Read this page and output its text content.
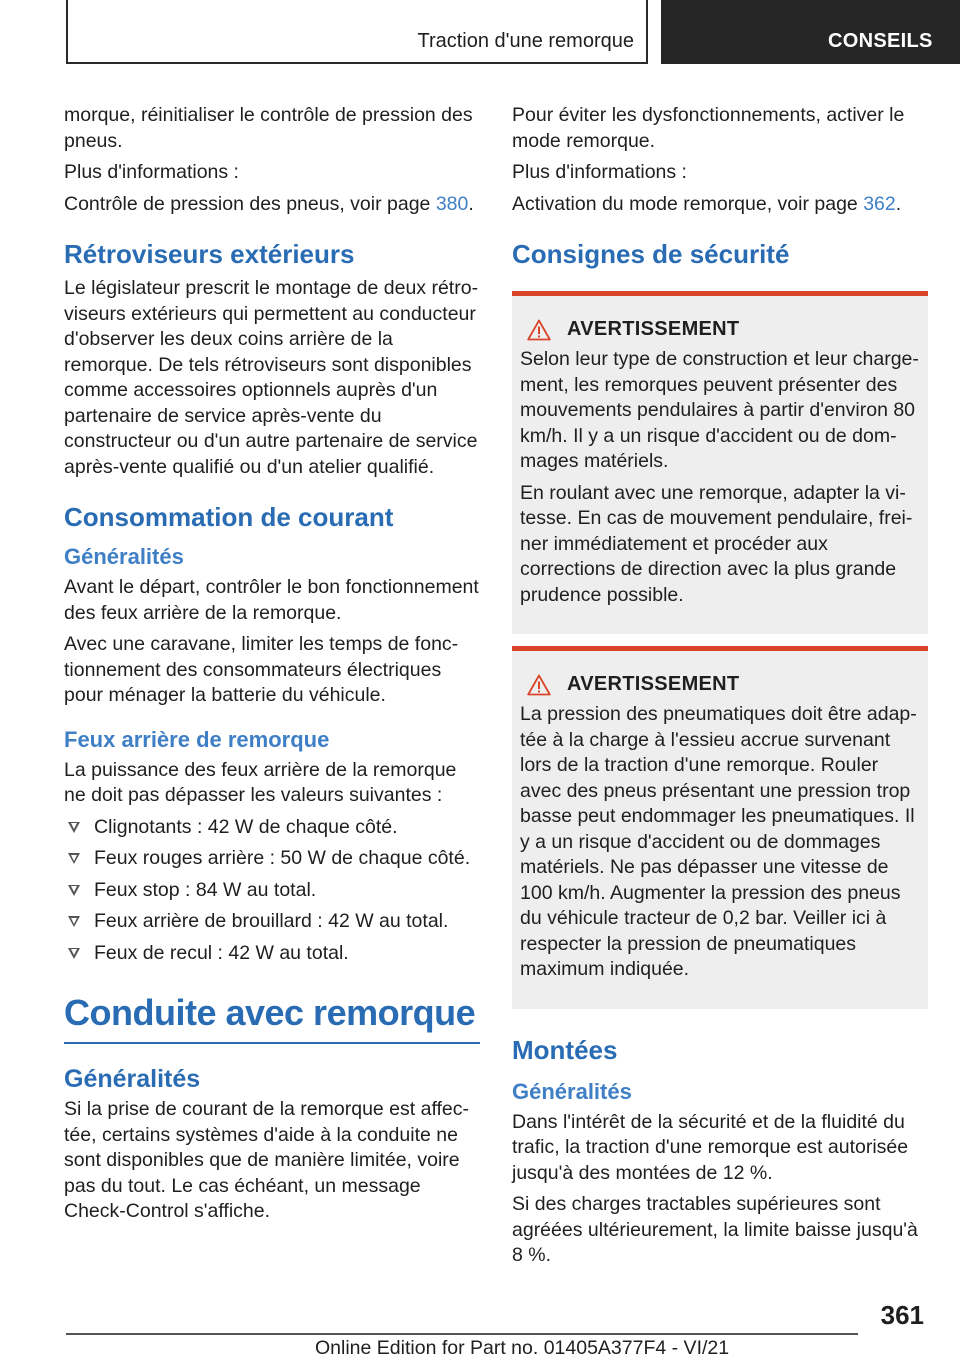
Traction d'une remorque	CONSEILS

morque, réinitialiser le contrôle de pression des pneus.

Plus d'informations :

Contrôle de pression des pneus, voir page 380.

Rétroviseurs extérieurs

Le législateur prescrit le montage de deux rétroviseurs extérieurs qui permettent au conducteur d'observer les deux coins arrière de la remorque. De tels rétroviseurs sont disponibles comme accessoires optionnels auprès d'un partenaire de service après-vente du constructeur ou d'un autre partenaire de service après-vente qualifié ou d'un atelier qualifié.

Consommation de courant
Généralités

Avant le départ, contrôler le bon fonctionnement des feux arrière de la remorque.

Avec une caravane, limiter les temps de fonctionnement des consommateurs électriques pour ménager la batterie du véhicule.

Feux arrière de remorque

La puissance des feux arrière de la remorque ne doit pas dépasser les valeurs suivantes :

Clignotants : 42 W de chaque côté.
Feux rouges arrière : 50 W de chaque côté.
Feux stop : 84 W au total.
Feux arrière de brouillard : 42 W au total.
Feux de recul : 42 W au total.
Conduite avec remorque
Généralités

Si la prise de courant de la remorque est affectée, certains systèmes d'aide à la conduite ne sont disponibles que de manière limitée, voire pas du tout. Le cas échéant, un message Check-Control s'affiche.

Pour éviter les dysfonctionnements, activer le mode remorque.

Plus d'informations :

Activation du mode remorque, voir page 362.

Consignes de sécurité
AVERTISSEMENT

Selon leur type de construction et leur chargement, les remorques peuvent présenter des mouvements pendulaires à partir d'environ 80 km/h. Il y a un risque d'accident ou de dommages matériels.

En roulant avec une remorque, adapter la vitesse. En cas de mouvement pendulaire, freiner immédiatement et procéder aux corrections de direction avec la plus grande prudence possible.

AVERTISSEMENT

La pression des pneumatiques doit être adaptée à la charge à l'essieu accrue survenant lors de la traction d'une remorque. Rouler avec des pneus présentant une pression trop basse peut endommager les pneumatiques. Il y a un risque d'accident ou de dommages matériels. Ne pas dépasser une vitesse de 100 km/h. Augmenter la pression des pneus du véhicule tracteur de 0,2 bar. Veiller ici à respecter la pression de pneumatiques maximum indiquée.

Montées
Généralités

Dans l'intérêt de la sécurité et de la fluidité du trafic, la traction d'une remorque est autorisée jusqu'à des montées de 12 %.

Si des charges tractables supérieures sont agréées ultérieurement, la limite baisse jusqu'à 8 %.

361
Online Edition for Part no. 01405A377F4 - VI/21
